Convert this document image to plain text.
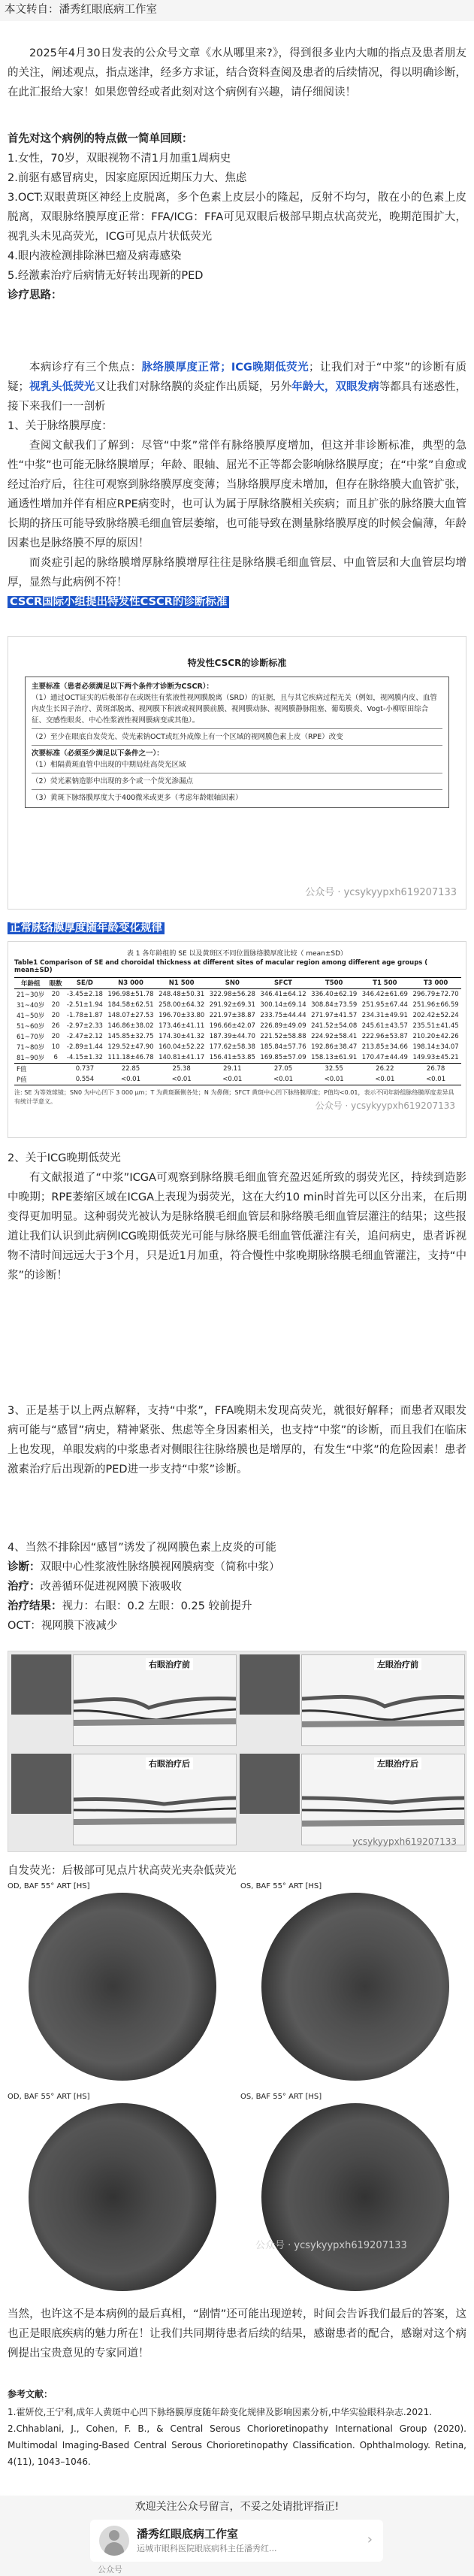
本文转自：潘秀红眼底病工作室

2025年4月30日发表的公众号文章《水从哪里来?》，得到很多业内大咖的指点及患者朋友的关注，阐述观点，指点迷津，经多方求证，结合资料查阅及患者的后续情况，得以明确诊断，在此汇报给大家！如果您曾经或者此刻对这个病例有兴趣，请仔细阅读！

首先对这个病例的特点做一简单回顾：
1.女性，70岁，双眼视物不清1月加重1周病史
2.前驱有感冒病史，因家庭原因近期压力大、焦虑
3.OCT:双眼黄斑区神经上皮脱离，多个色素上皮层小的隆起，反射不均匀，散在小的色素上皮脱离，双眼脉络膜厚度正常：FFA/ICG：FFA可见双眼后极部早期点状高荧光，晚期范围扩大，视乳头未见高荧光，ICG可见点片状低荧光
4.眼内液检测排除淋巴瘤及病毒感染
5.经激素治疗后病情无好转出现新的PED
诊疗思路：

本病诊疗有三个焦点：脉络膜厚度正常；ICG晚期低荧光；让我们对于“中浆”的诊断有质疑；视乳头低荧光又让我们对脉络膜的炎症作出质疑，另外年龄大，双眼发病等都具有迷惑性，接下来我们一一剖析

1、关于脉络膜厚度：

查阅文献我们了解到：尽管“中浆”常伴有脉络膜厚度增加，但这并非诊断标准，典型的急性“中浆”也可能无脉络膜增厚；年龄、眼轴、屈光不正等都会影响脉络膜厚度；在“中浆”自愈或经过治疗后，往往可观察到脉络膜厚度变薄；当脉络膜厚度未增加，但存在脉络膜大血管扩张，通透性增加并伴有相应RPE病变时，也可认为属于厚脉络膜相关疾病；而且扩张的脉络膜大血管长期的挤压可能导致脉络膜毛细血管层萎缩，也可能导致在测量脉络膜厚度的时候会偏薄，年龄因素也是脉络膜不厚的原因！

而炎症引起的脉络膜增厚脉络膜增厚往往是脉络膜毛细血管层、中血管层和大血管层均增厚，显然与此病例不符！

CSCR国际小组提出特发性CSCR的诊断标准
特发性CSCR的诊断标准
主要标准（患者必须满足以下两个条件才诊断为CSCR）：
（1）通过OCT证实的后极部存在或既往有浆液性视网膜脱离（SRD）的证据，且与其它疾病过程无关（例如，视网膜内皮、血管内皮生长因子治疗、黄斑部脱离、视网膜下积液或视网膜前膜、视网膜动脉、视网膜静脉阻塞、葡萄膜炎、Vogt-小柳原田综合征、交感性眼炎、中心性浆液性视网膜病变或其他）。
（2）至少在眼底自发荧光、荧光素钠OCT或红外成像上有一个区域的视网膜色素上皮（RPE）改变
次要标准（必须至少满足以下条件之一）：
（1）相隔黄斑血管中出现的中期局灶高荧光区域
（2）荧光素钠造影中出现的多个或一个荧光渗漏点
（3）黄斑下脉络膜厚度大于400微米或更多（考虑年龄眼轴因素）
公众号 · ycsykyypxh619207133
正常脉络膜厚度随年龄变化规律
表 1 各年龄组的 SE 以及黄斑区不同位置脉络膜厚度比较（ mean±SD）
Table1 Comparison of SE and choroidal thickness at different sites of macular region among different age groups ( mean±SD)
年龄组	眼数	SE/D	N3 000	N1 500	SN0	SFCT	T500	T1 500	T3 000
21~30岁	20	-3.45±2.18	196.98±51.78	248.48±50.31	322.98±56.28	346.41±64.12	336.40±62.19	346.42±61.69	296.79±72.70
31~40岁	20	-2.51±1.94	184.58±62.51	258.00±64.32	291.92±69.31	300.14±69.14	308.84±73.59	251.95±67.44	251.96±66.59
41~50岁	20	-1.78±1.87	148.07±27.53	196.70±33.80	221.97±38.87	233.75±44.44	271.97±41.57	234.31±49.91	202.42±52.24
51~60岁	26	-2.97±2.33	146.86±38.02	173.46±41.11	196.66±42.07	226.89±49.09	241.52±54.08	245.61±43.57	235.51±41.45
61~70岁	20	-2.47±2.12	145.85±32.75	174.30±41.32	187.39±44.70	221.52±58.88	224.92±58.41	222.96±53.87	210.20±42.26
71~80岁	10	-2.89±1.44	129.52±47.90	160.04±52.22	177.62±58.38	185.84±57.76	192.86±38.47	213.85±34.66	198.14±34.07
81~90岁	6	-4.15±1.32	111.18±46.78	140.81±41.17	156.41±53.85	169.85±57.09	158.13±61.91	170.47±44.49	149.93±45.21
F值		0.737	22.85	25.38	29.11	27.05	32.55	26.22	26.78
P值		0.554	<0.01	<0.01	<0.01	<0.01	<0.01	<0.01	<0.01
注: SE 为等效球镜；SN0 为中心凹下 3 000 µm；T 为黄斑颞侧各处；N 为鼻侧；SFCT 黄斑中心凹下脉络膜厚度；P值均<0.01，表示不同年龄组脉络膜厚度差异具有统计学意义。	公众号 · ycsykyypxh619207133
2、关于ICG晚期低荧光

有文献报道了“中浆”ICGA可观察到脉络膜毛细血管充盈迟延所致的弱荧光区，持续到造影中晚期；RPE萎缩区域在ICGA上表现为弱荧光，这在大约10 min时首先可以区分出来，在后期变得更加明显。这种弱荧光被认为是脉络膜毛细血管层和脉络膜毛细血管层灌注的结果；这些报道让我们认识到此病例ICG晚期低荧光可能与脉络膜毛细血管低灌注有关，追问病史，患者诉视物不清时间远远大于3个月，只是近1月加重，符合慢性中浆晚期脉络膜毛细血管灌注，支持“中浆”的诊断！

3、正是基于以上两点解释，支持“中浆”，FFA晚期未发现高荧光，就很好解释；而患者双眼发病可能与“感冒”病史，精神紧张、焦虑等全身因素相关，也支持“中浆”的诊断，而且我们在临床上也发现，单眼发病的中浆患者对侧眼往往脉络膜也是增厚的，有发生“中浆”的危险因素！患者激素治疗后出现新的PED进一步支持“中浆”诊断。

4、当然不排除因“感冒”诱发了视网膜色素上皮炎的可能
诊断：双眼中心性浆液性脉络膜视网膜病变（简称中浆）
治疗：改善循环促进视网膜下液吸收
治疗结果：视力：右眼：0.2 左眼：0.25 较前提升
OCT：视网膜下液减少
右眼治疗前
右眼治疗后
左眼治疗前
左眼治疗后
ycsykyypxh619207133
自发荧光：后极部可见点片状高荧光夹杂低荧光
OD, BAF 55° ART [HS]	OS, BAF 55° ART [HS]
OD, BAF 55° ART [HS]	OS, BAF 55° ART [HS]
公众号 · ycsykyypxh619207133

当然，也许这不是本病例的最后真相，“剧情”还可能出现逆转，时间会告诉我们最后的答案，这也正是眼底疾病的魅力所在！让我们共同期待患者后续的结果，感谢患者的配合，感谢对这个病例提出宝贵意见的专家同道！

参考文献：
1.霍妍佼,王宁利,成年人黄斑中心凹下脉络膜厚度随年龄变化规律及影响因素分析,中华实验眼科杂志.2021.
2.Chhablani, J., Cohen, F. B., & Central Serous Chorioretinopathy International Group (2020). Multimodal Imaging-Based Central Serous Chorioretinopathy Classification. Ophthalmology. Retina, 4(11), 1043–1046.
欢迎关注公众号留言，不妥之处请批评指正!
潘秀红眼底病工作室
运城市眼科医院眼底病科主任潘秀红...
›
公众号
